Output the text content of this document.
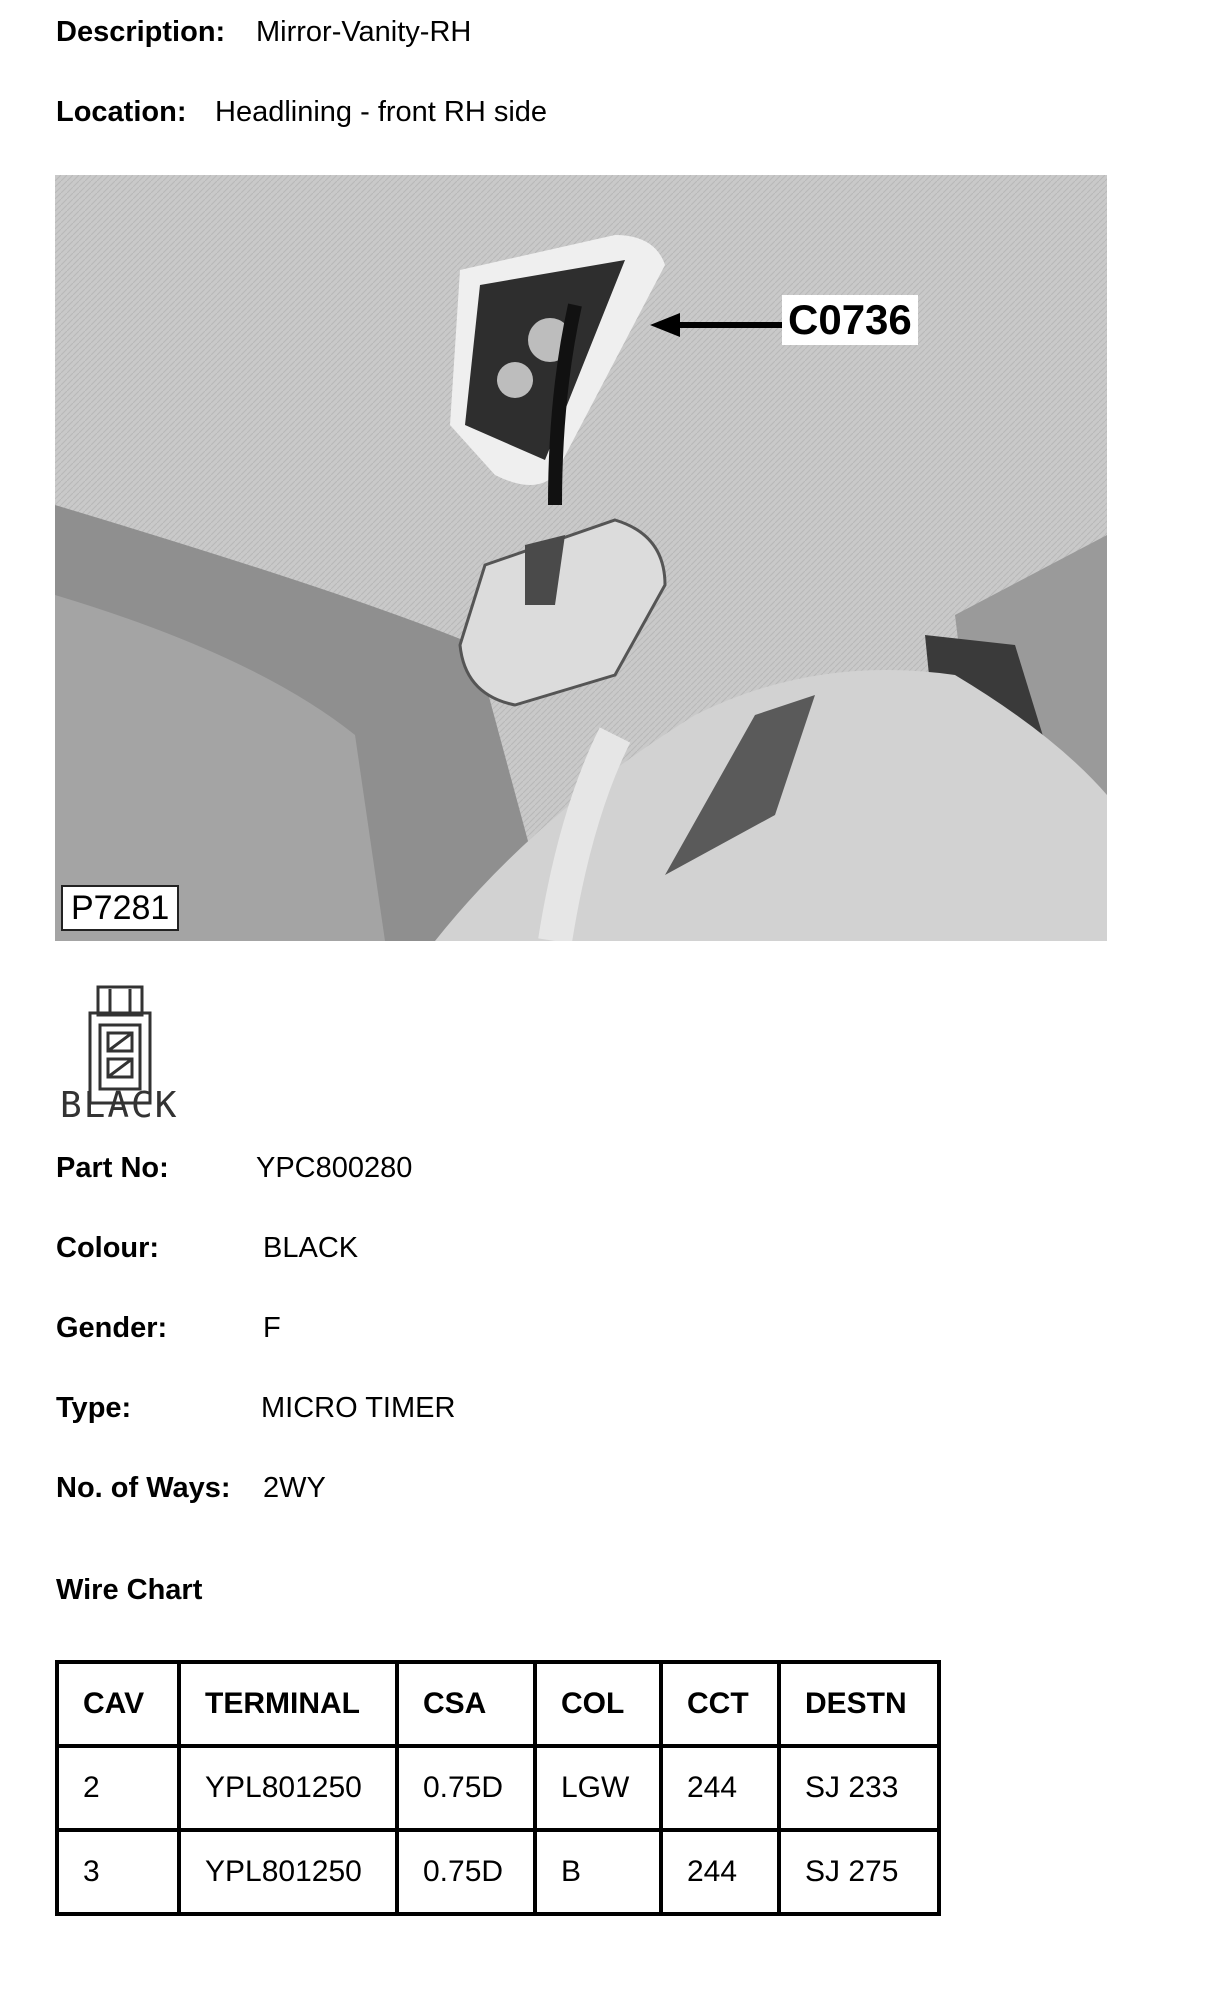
Description: Mirror-Vanity-RH
Location: Headlining - front RH side
C0736
P7281
BLACK
Part No:	YPC800280
Colour:	BLACK
Gender:	F
Type:	MICRO TIMER
No. of Ways: 2WY
Wire Chart
CAV	TERMINAL	CSA	COL	CCT	DESTN
2	YPL801250	0.75D	LGW	244	SJ 233
3	YPL801250	0.75D	B	244	SJ 275
